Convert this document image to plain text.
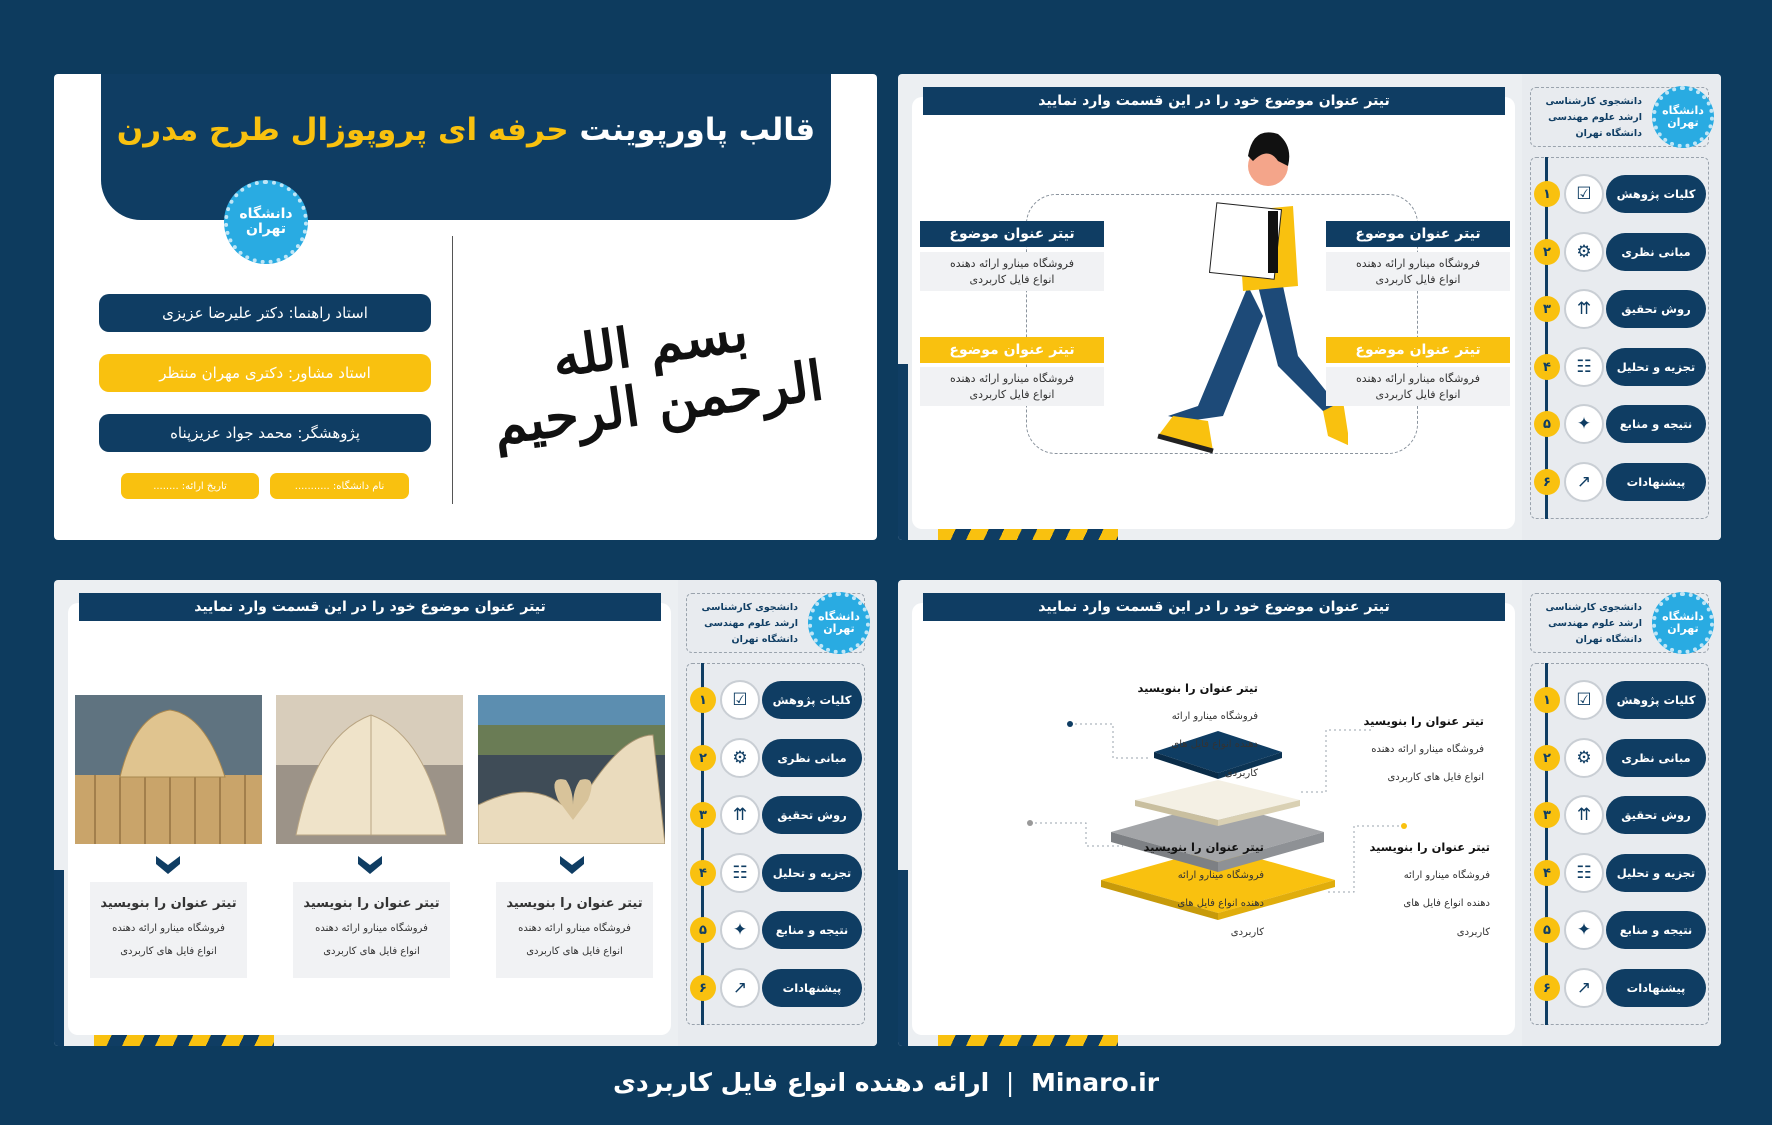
قالب پاورپوینت حرفه ای پروپوزال طرح مدرن
دانشگاه تهران
استاد راهنما: دکتر علیرضا عزیزی
استاد مشاور: دکتری مهران منتظر
پژوهشگر: محمد جواد عزیزپناه
نام دانشگاه: ...........
تاریخ ارائه: ........
بسم الله الرحمن الرحیم
تیتر عنوان موضوع خود را در این قسمت وارد نمایید
تیتر عنوان موضوع
فروشگاه مینارو ارائه دهنده
انواع فایل کاربردی
تیتر عنوان موضوع
فروشگاه مینارو ارائه دهنده
انواع فایل کاربردی
تیتر عنوان موضوع
فروشگاه مینارو ارائه دهنده
انواع فایل کاربردی
تیتر عنوان موضوع
فروشگاه مینارو ارائه دهنده
انواع فایل کاربردی
دانشجوی کارشناسی
ارشد علوم مهندسی
دانشگاه تهران
دانشگاه تهران
۱	☑	کلیات پژوهش
۲	⚙	مبانی نظری
۳	⇈	روش تحقیق
۴	☷	تجزیه و تحلیل
۵	✦	نتیجه و منابع
۶	↗	پیشنهادات
تیتر عنوان موضوع خود را در این قسمت وارد نمایید
تیتر عنوان را بنویسید
فروشگاه مینارو ارائه دهنده
انواع فایل های کاربردی
تیتر عنوان را بنویسید
فروشگاه مینارو ارائه دهنده
انواع فایل های کاربردی
تیتر عنوان را بنویسید
فروشگاه مینارو ارائه دهنده
انواع فایل های کاربردی
دانشجوی کارشناسی
ارشد علوم مهندسی
دانشگاه تهران
دانشگاه تهران
۱	☑	کلیات پژوهش
۲	⚙	مبانی نظری
۳	⇈	روش تحقیق
۴	☷	تجزیه و تحلیل
۵	✦	نتیجه و منابع
۶	↗	پیشنهادات
تیتر عنوان موضوع خود را در این قسمت وارد نمایید
تیتر عنوان را بنویسید
فروشگاه مینارو ارائه
دهنده انواع فایل های
کاربردی
تیتر عنوان را بنویسید
فروشگاه مینارو ارائه دهنده
انواع فایل های کاربردی
تیتر عنوان را بنویسید
فروشگاه مینارو ارائه
دهنده انواع فایل های
کاربردی
تیتر عنوان را بنویسید
فروشگاه مینارو ارائه
دهنده انواع فایل های
کاربردی
دانشجوی کارشناسی
ارشد علوم مهندسی
دانشگاه تهران
دانشگاه تهران
۱	☑	کلیات پژوهش
۲	⚙	مبانی نظری
۳	⇈	روش تحقیق
۴	☷	تجزیه و تحلیل
۵	✦	نتیجه و منابع
۶	↗	پیشنهادات
ارائه دهنده انواع فایل کاربردی | Minaro.ir
